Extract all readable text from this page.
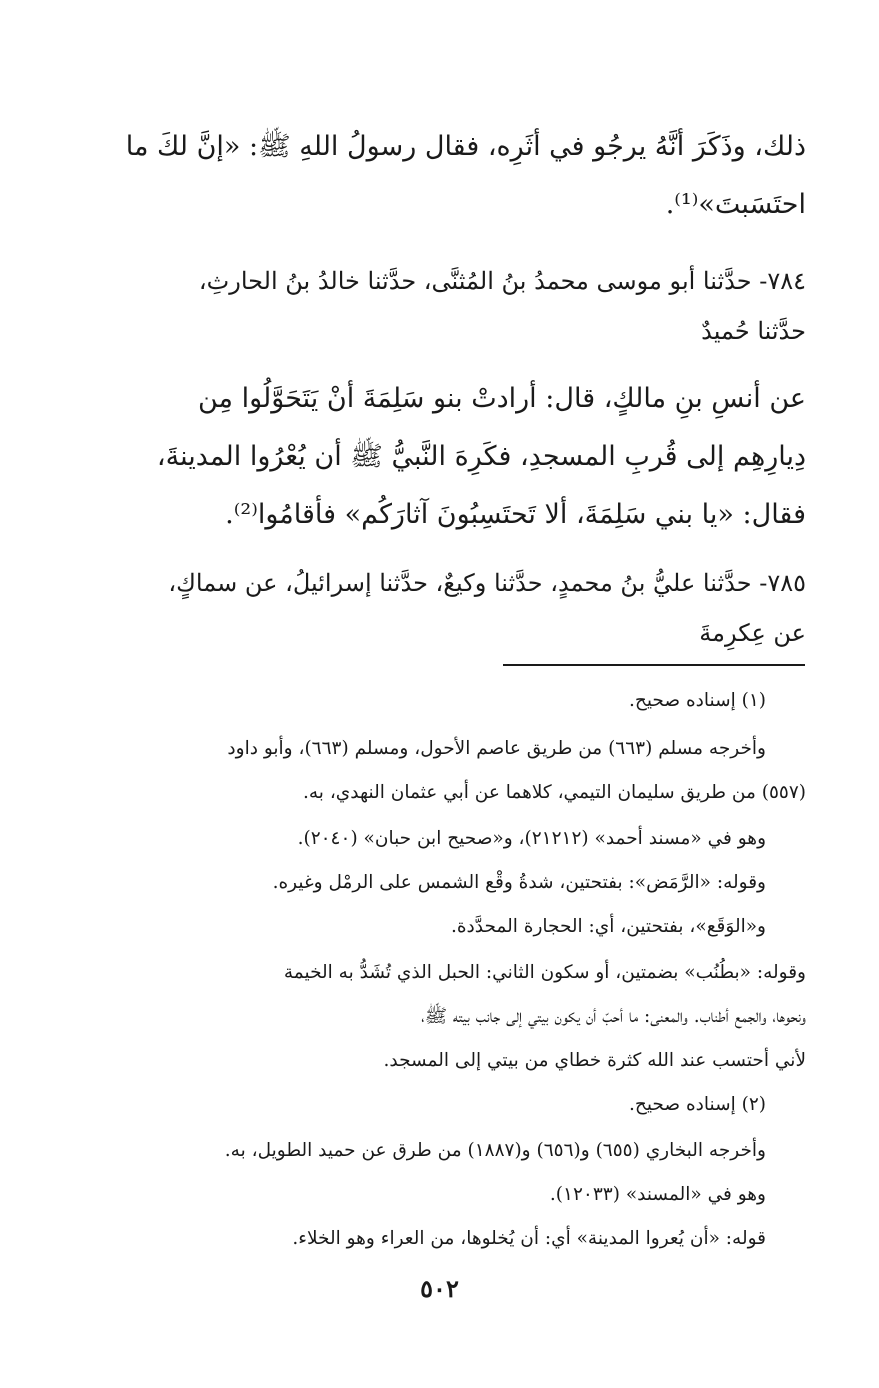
ذلك، وذَكَرَ أنَّهُ يرجُو في أثَرِه، فقال رسولُ اللهِ ﷺ: «إنَّ لكَ ما
احتَسَبتَ»⁽¹⁾.
٧٨٤- حدَّثنا أبو موسى محمدُ بنُ المُثنَّى، حدَّثنا خالدُ بنُ الحارثِ،
حدَّثنا حُميدٌ
عن أنسِ بنِ مالكٍ، قال: أرادتْ بنو سَلِمَةَ أنْ يَتَحَوَّلُوا مِن
دِيارِهِم إلى قُربِ المسجدِ، فكَرِهَ النَّبيُّ ﷺ أن يُعْرُوا المدينةَ،
فقال: «يا بني سَلِمَةَ، ألا تَحتَسِبُونَ آثارَكُم» فأقامُوا⁽²⁾.
٧٨٥- حدَّثنا عليُّ بنُ محمدٍ، حدَّثنا وكيعٌ، حدَّثنا إسرائيلُ، عن سماكٍ،
عن عِكرِمةَ
(١) إسناده صحيح.
وأخرجه مسلم (٦٦٣) من طريق عاصم الأحول، ومسلم (٦٦٣)، وأبو داود
(٥٥٧) من طريق سليمان التيمي، كلاهما عن أبي عثمان النهدي، به.
وهو في «مسند أحمد» (٢١٢١٢)، و«صحيح ابن حبان» (٢٠٤٠).
وقوله: «الرَّمَض»: بفتحتين، شدةُ وقْع الشمس على الرمْل وغيره.
و«الوَقَع»، بفتحتين، أي: الحجارة المحدَّدة.
وقوله: «بطُنُب» بضمتين، أو سكون الثاني: الحبل الذي تُشَدُّ به الخيمة
ونحوها، والجمع أطناب. والمعنى: ما أحبّ أن يكون بيتي إلى جانب بيته ﷺ،
لأني أحتسب عند الله كثرة خطاي من بيتي إلى المسجد.
(٢) إسناده صحيح.
وأخرجه البخاري (٦٥٥) و(٦٥٦) و(١٨٨٧) من طرق عن حميد الطويل، به.
وهو في «المسند» (١٢٠٣٣).
قوله: «أن يُعروا المدينة» أي: أن يُخلوها، من العراء وهو الخلاء.
٥٠٢
